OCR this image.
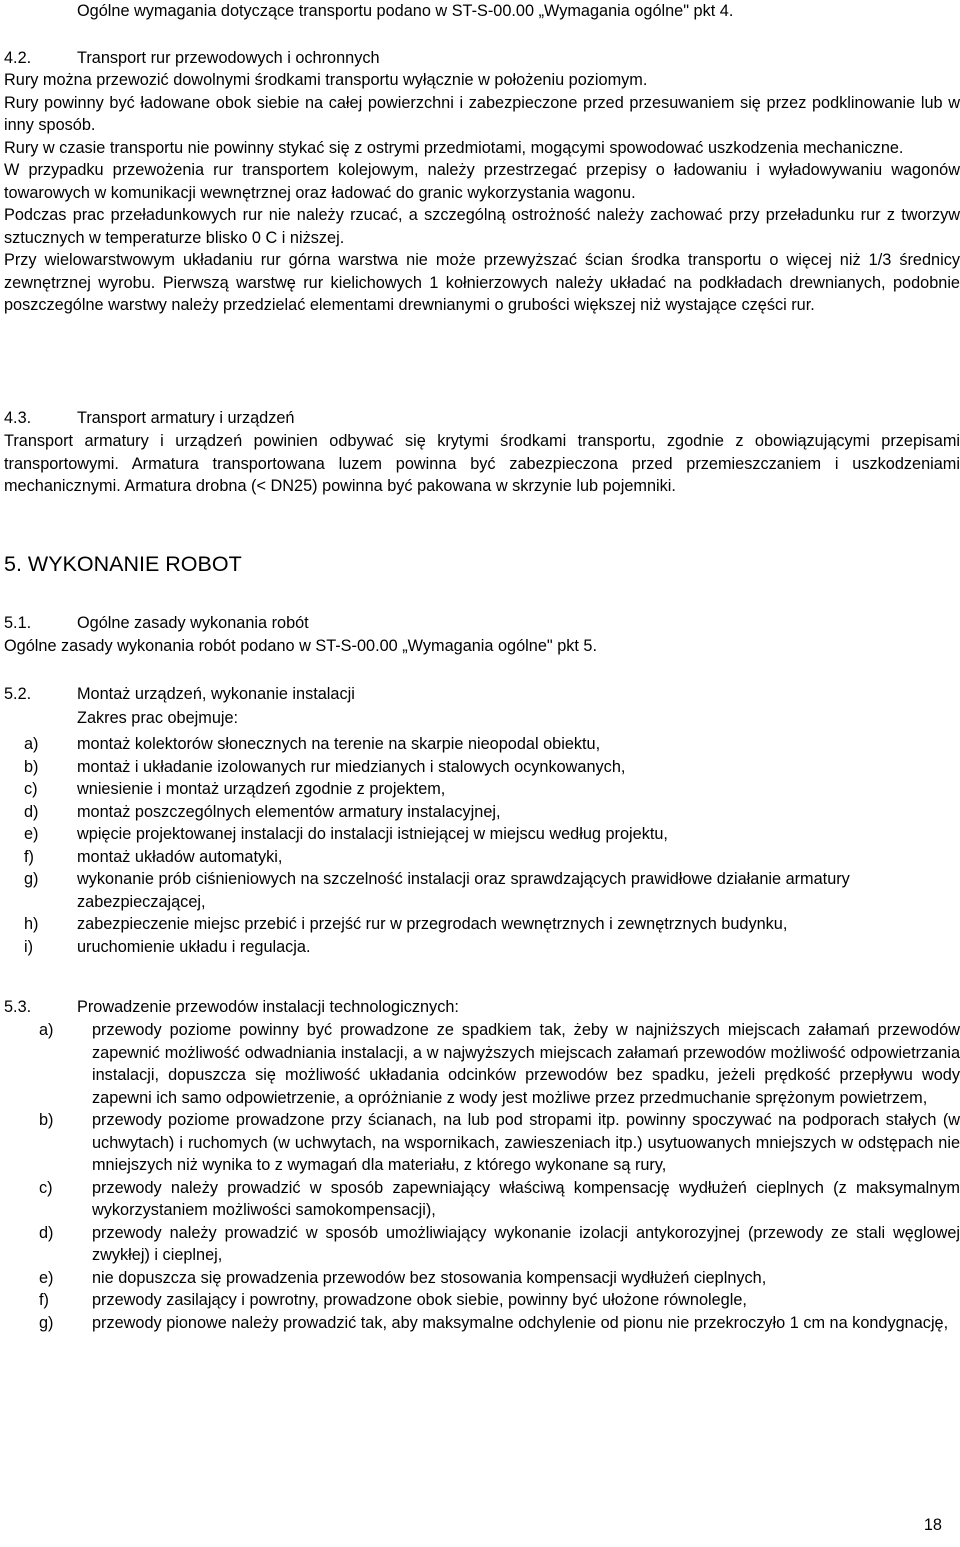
Ogólne wymagania dotyczące transportu podano w ST-S-00.00 „Wymagania ogólne" pkt 4.
4.2.	Transport rur przewodowych i ochronnych

Rury można przewozić dowolnymi środkami transportu wyłącznie w położeniu poziomym.

Rury powinny być ładowane obok siebie na całej powierzchni i zabezpieczone przed przesuwaniem się przez podklinowanie lub w inny sposób.

Rury w czasie transportu nie powinny stykać się z ostrymi przedmiotami, mogącymi spowodować uszkodzenia mechaniczne.

W przypadku przewożenia rur transportem kolejowym, należy przestrzegać przepisy o ładowaniu i wyładowywaniu wagonów towarowych w komunikacji wewnętrznej oraz ładować do granic wykorzystania wagonu.

Podczas prac przeładunkowych rur nie należy rzucać, a szczególną ostrożność należy zachować przy przeładunku rur z tworzyw sztucznych w temperaturze blisko 0 C i niższej.

Przy wielowarstwowym układaniu rur górna warstwa nie może przewyższać ścian środka transportu o więcej niż 1/3 średnicy zewnętrznej wyrobu. Pierwszą warstwę rur kielichowych 1 kołnierzowych należy układać na podkładach drewnianych, podobnie poszczególne warstwy należy przedzielać elementami drewnianymi o grubości większej niż wystające części rur.

4.3.	Transport armatury i urządzeń

Transport armatury i urządzeń powinien odbywać się krytymi środkami transportu, zgodnie z obowiązującymi przepisami transportowymi. Armatura transportowana luzem powinna być zabezpieczona przed przemieszczaniem i uszkodzeniami mechanicznymi. Armatura drobna (< DN25) powinna być pakowana w skrzynie lub pojemniki.

5. WYKONANIE ROBOT
5.1.	Ogólne zasady wykonania robót

Ogólne zasady wykonania robót podano w ST-S-00.00 „Wymagania ogólne" pkt 5.

5.2.	Montaż urządzeń, wykonanie instalacji
Zakres prac obejmuje:
a) montaż kolektorów słonecznych na terenie na skarpie nieopodal obiektu,
b) montaż i układanie izolowanych rur miedzianych i stalowych ocynkowanych,
c) wniesienie i montaż urządzeń zgodnie z projektem,
d) montaż poszczególnych elementów armatury instalacyjnej,
e) wpięcie projektowanej instalacji do instalacji istniejącej w miejscu według projektu,
f)	montaż układów automatyki,
g) wykonanie prób ciśnieniowych na szczelność instalacji oraz sprawdzających prawidłowe działanie armatury zabezpieczającej,
h) zabezpieczenie miejsc przebić i przejść rur w przegrodach wewnętrznych i zewnętrznych budynku,
i)	uruchomienie układu i regulacja.
5.3.	Prowadzenie przewodów instalacji technologicznych:
a) przewody poziome powinny być prowadzone ze spadkiem tak, żeby w najniższych miejscach załamań przewodów zapewnić możliwość odwadniania instalacji, a w najwyższych miejscach załamań przewodów możliwość odpowietrzania instalacji, dopuszcza się możliwość układania odcinków przewodów bez spadku, jeżeli prędkość przepływu wody zapewni ich samo odpowietrzenie, a opróżnianie z wody jest możliwe przez przedmuchanie sprężonym powietrzem,
b) przewody poziome prowadzone przy ścianach, na lub pod stropami itp. powinny spoczywać na podporach stałych (w uchwytach) i ruchomych (w uchwytach, na wspornikach, zawieszeniach itp.) usytuowanych mniejszych w odstępach nie mniejszych niż wynika to z wymagań dla materiału, z którego wykonane są rury,
c) przewody należy prowadzić w sposób zapewniający właściwą kompensację wydłużeń cieplnych (z maksymalnym wykorzystaniem możliwości samokompensacji),
d) przewody należy prowadzić w sposób umożliwiający wykonanie izolacji antykorozyjnej (przewody ze stali węglowej zwykłej) i cieplnej,
e) nie dopuszcza się prowadzenia przewodów bez stosowania kompensacji wydłużeń cieplnych,
f)	przewody zasilający i powrotny, prowadzone obok siebie, powinny być ułożone równolegle,
g) przewody pionowe należy prowadzić tak, aby maksymalne odchylenie od pionu nie przekroczyło 1 cm na kondygnację,
18
